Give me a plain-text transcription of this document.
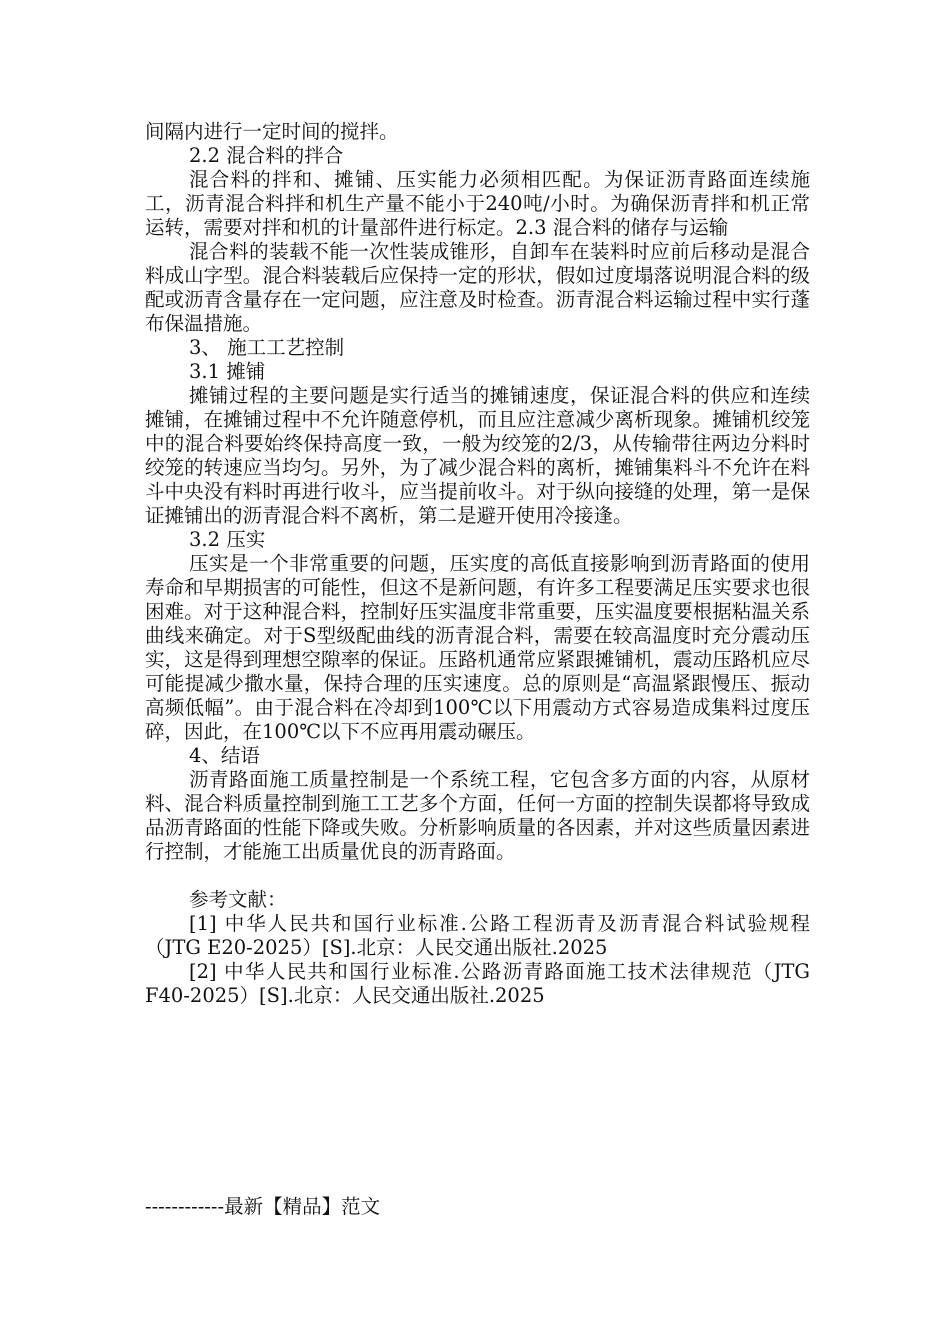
间隔内进行一定时间的搅拌。

2.2 混合料的拌合

混合料的拌和、摊铺、压实能力必须相匹配。为保证沥青路面连续施工，沥青混合料拌和机生产量不能小于240吨/小时。为确保沥青拌和机正常运转，需要对拌和机的计量部件进行标定。2.3 混合料的储存与运输

混合料的装载不能一次性装成锥形，自卸车在装料时应前后移动是混合料成山字型。混合料装载后应保持一定的形状，假如过度塌落说明混合料的级配或沥青含量存在一定问题，应注意及时检查。沥青混合料运输过程中实行蓬布保温措施。

3、 施工工艺控制

3.1 摊铺

摊铺过程的主要问题是实行适当的摊铺速度，保证混合料的供应和连续摊铺，在摊铺过程中不允许随意停机，而且应注意减少离析现象。摊铺机绞笼中的混合料要始终保持高度一致，一般为绞笼的2/3，从传输带往两边分料时绞笼的转速应当均匀。另外，为了减少混合料的离析，摊铺集料斗不允许在料斗中央没有料时再进行收斗，应当提前收斗。对于纵向接缝的处理，第一是保证摊铺出的沥青混合料不离析，第二是避开使用冷接逢。

3.2 压实

压实是一个非常重要的问题，压实度的高低直接影响到沥青路面的使用寿命和早期损害的可能性，但这不是新问题，有许多工程要满足压实要求也很困难。对于这种混合料，控制好压实温度非常重要，压实温度要根据粘温关系曲线来确定。对于S型级配曲线的沥青混合料，需要在较高温度时充分震动压实，这是得到理想空隙率的保证。压路机通常应紧跟摊铺机，震动压路机应尽可能提减少撒水量，保持合理的压实速度。总的原则是“高温紧跟慢压、振动高频低幅”。由于混合料在冷却到100℃以下用震动方式容易造成集料过度压碎，因此，在100℃以下不应再用震动碾压。

4、结语

沥青路面施工质量控制是一个系统工程，它包含多方面的内容，从原材料、混合料质量控制到施工工艺多个方面，任何一方面的控制失误都将导致成品沥青路面的性能下降或失败。分析影响质量的各因素，并对这些质量因素进行控制，才能施工出质量优良的沥青路面。

参考文献：

[1] 中华人民共和国行业标准.公路工程沥青及沥青混合料试验规程（JTG E20-2025）[S].北京：人民交通出版社.2025

[2] 中华人民共和国行业标准.公路沥青路面施工技术法律规范（JTG F40-2025）[S].北京：人民交通出版社.2025

------------最新【精品】范文
